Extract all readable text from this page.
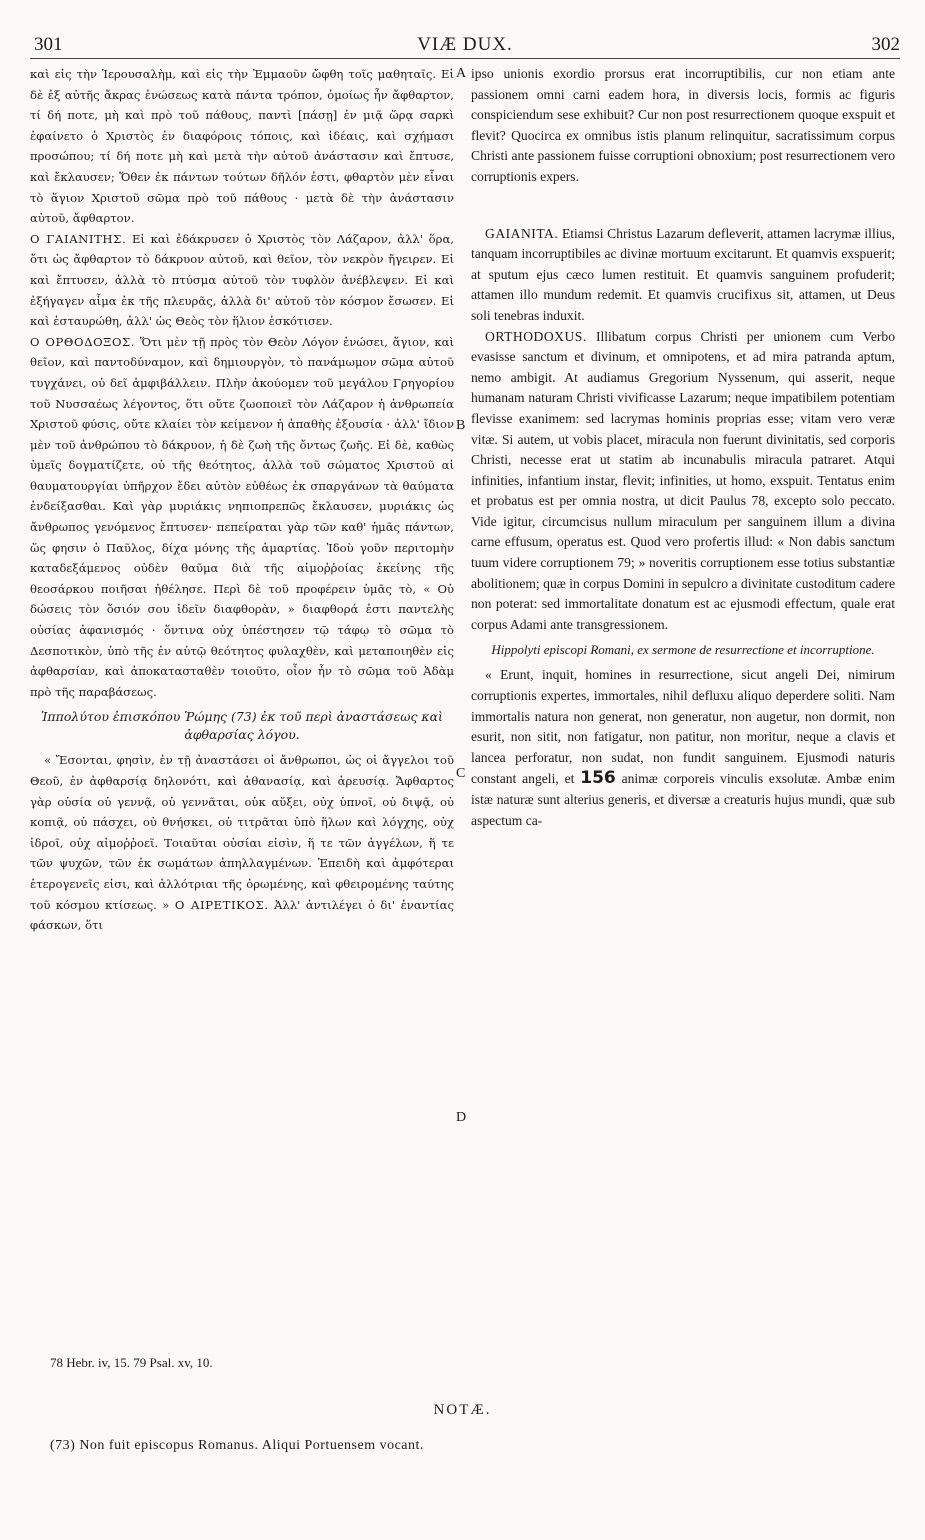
301	VIÆ DUX.	302

καὶ εἰς τὴν Ἱερουσαλὴμ, καὶ εἰς τὴν Ἐμμαοῦν ὤφθη τοῖς μαθηταῖς. Εἰ δὲ ἐξ αὐτῆς ἄκρας ἑνώσεως κατὰ πάντα τρόπον, ὁμοίως ἦν ἄφθαρτον, τί δή ποτε, μὴ καὶ πρὸ τοῦ πάθους, παντὶ [πάσῃ] ἐν μιᾷ ὥρᾳ σαρκὶ ἐφαίνετο ὁ Χριστὸς ἐν διαφόροις τόποις, καὶ ἰδέαις, καὶ σχήμασι προσώπου; τί δή ποτε μὴ καὶ μετὰ τὴν αὐτοῦ ἀνάστασιν καὶ ἔπτυσε, καὶ ἔκλαυσεν; Ὅθεν ἐκ πάντων τούτων δῆλόν ἐστι, φθαρτὸν μὲν εἶναι τὸ ἅγιον Χριστοῦ σῶμα πρὸ τοῦ πάθους · μετὰ δὲ τὴν ἀνάστασιν αὐτοῦ, ἄφθαρτον.

Ο ΓΑΙΑΝΙΤΗΣ. Εἰ καὶ ἐδάκρυσεν ὁ Χριστὸς τὸν Λάζαρον, ἀλλ' ὅρα, ὅτι ὡς ἄφθαρτον τὸ δάκρυον αὐτοῦ, καὶ θεῖον, τὸν νεκρὸν ἤγειρεν. Εἰ καὶ ἔπτυσεν, ἀλλὰ τὸ πτύσμα αὐτοῦ τὸν τυφλὸν ἀνέβλεψεν. Εἰ καὶ ἐξήγαγεν αἷμα ἐκ τῆς πλευρᾶς, ἀλλὰ δι' αὐτοῦ τὸν κόσμον ἔσωσεν. Εἰ καὶ ἐσταυρώθη, ἀλλ' ὡς Θεὸς τὸν ἥλιον ἐσκότισεν.

Ο ΟΡΘΟΔΟΞΟΣ. Ὅτι μὲν τῇ πρὸς τὸν Θεὸν Λόγον ἑνώσει, ἅγιον, καὶ θεῖον, καὶ παντοδύναμον, καὶ δημιουργὸν, τὸ πανάμωμον σῶμα αὐτοῦ τυγχάνει, οὐ δεῖ ἀμφιβάλλειν. Πλὴν ἀκούομεν τοῦ μεγάλου Γρηγορίου τοῦ Νυσσαέως λέγοντος, ὅτι οὔτε ζωοποιεῖ τὸν Λάζαρον ἡ ἀνθρωπεία Χριστοῦ φύσις, οὔτε κλαίει τὸν κείμενον ἡ ἀπαθὴς ἐξουσία · ἀλλ' ἴδιον μὲν τοῦ ἀνθρώπου τὸ δάκρυον, ἡ δὲ ζωὴ τῆς ὄντως ζωῆς. Εἰ δὲ, καθὼς ὑμεῖς δογματίζετε, οὐ τῆς θεότητος, ἀλλὰ τοῦ σώματος Χριστοῦ αἱ θαυματουργίαι ὑπῆρχον ἔδει αὐτὸν εὐθέως ἐκ σπαργάνων τὰ θαύματα ἐνδείξασθαι. Καὶ γὰρ μυριάκις νηπιοπρεπῶς ἔκλαυσεν, μυριάκις ὡς ἄνθρωπος γενόμενος ἔπτυσεν· πεπείραται γὰρ τῶν καθ' ἡμᾶς πάντων, ὥς φησιν ὁ Παῦλος, δίχα μόνης τῆς ἁμαρτίας. Ἰδοὺ γοῦν περιτομὴν καταδεξάμενος οὐδὲν θαῦμα διὰ τῆς αἱμοῤῥοίας ἐκείνης τῆς θεοσάρκου ποιῆσαι ἠθέλησε. Περὶ δὲ τοῦ προφέρειν ὑμᾶς τὸ, « Οὐ δώσεις τὸν ὅσιόν σου ἰδεῖν διαφθορὰν, » διαφθορά ἐστι παντελὴς οὐσίας ἀφανισμός · ὅντινα οὐχ ὑπέστησεν τῷ τάφῳ τὸ σῶμα τὸ Δεσποτικὸν, ὑπὸ τῆς ἐν αὐτῷ θεότητος φυλαχθὲν, καὶ μεταποιηθὲν εἰς ἀφθαρσίαν, καὶ ἀποκατασταθὲν τοιοῦτο, οἷον ἦν τὸ σῶμα τοῦ Ἀδὰμ πρὸ τῆς παραβάσεως.

Ἱππολύτου ἐπισκόπου Ῥώμης (73) ἐκ τοῦ περὶ ἀναστάσεως καὶ ἀφθαρσίας λόγου.

« Ἔσονται, φησὶν, ἐν τῇ ἀναστάσει οἱ ἄνθρωποι, ὡς οἱ ἄγγελοι τοῦ Θεοῦ, ἐν ἀφθαρσίᾳ δηλονότι, καὶ ἀθανασίᾳ, καὶ ἀρευσίᾳ. Ἄφθαρτος γὰρ οὐσία οὐ γεννᾷ, οὐ γεννᾶται, οὐκ αὔξει, οὐχ ὑπνοῖ, οὐ διψᾷ, οὐ κοπιᾷ, οὐ πάσχει, οὐ θνήσκει, οὐ τιτρᾶται ὑπὸ ἥλων καὶ λόγχης, οὐχ ἱδροῖ, οὐχ αἱμοῤῥοεῖ. Τοιαῦται οὐσίαι εἰσὶν, ἥ τε τῶν ἀγγέλων, ἥ τε τῶν ψυχῶν, τῶν ἐκ σωμάτων ἀπηλλαγμένων. Ἐπειδὴ καὶ ἀμφότεραι ἑτερογενεῖς εἰσι, καὶ ἀλλότριαι τῆς ὁρωμένης, καὶ φθειρομένης ταύτης τοῦ κόσμου κτίσεως. » Ο ΑΙΡΕΤΙΚΟΣ. Ἀλλ' ἀντιλέγει ὁ δι' ἐναντίας φάσκων, ὅτι

A
B
C
D

ipso unionis exordio prorsus erat incorruptibilis, cur non etiam ante passionem omni carni eadem hora, in diversis locis, formis ac figuris conspiciendum sese exhibuit? Cur non post resurrectionem quoque exspuit et flevit? Quocirca ex omnibus istis planum relinquitur, sacratissimum corpus Christi ante passionem fuisse corruptioni obnoxium; post resurrectionem vero corruptionis expers.

GAIANITA. Etiamsi Christus Lazarum defleverit, attamen lacrymæ illius, tanquam incorruptibiles ac divinæ mortuum excitarunt. Et quamvis exspuerit; at sputum ejus cæco lumen restituit. Et quamvis sanguinem profuderit; attamen illo mundum redemit. Et quamvis crucifixus sit, attamen, ut Deus soli tenebras induxit.

ORTHODOXUS. Illibatum corpus Christi per unionem cum Verbo evasisse sanctum et divinum, et omnipotens, et ad mira patranda aptum, nemo ambigit. At audiamus Gregorium Nyssenum, qui asserit, neque humanam naturam Christi vivificasse Lazarum; neque impatibilem potentiam flevisse exanimem: sed lacrymas hominis proprias esse; vitam vero veræ vitæ. Si autem, ut vobis placet, miracula non fuerunt divinitatis, sed corporis Christi, necesse erat ut statim ab incunabulis miracula patraret. Atqui infinities, infantium instar, flevit; infinities, ut homo, exspuit. Tentatus enim et probatus est per omnia nostra, ut dicit Paulus 78, excepto solo peccato. Vide igitur, circumcisus nullum miraculum per sanguinem illum a divina carne effusum, operatus est. Quod vero profertis illud: « Non dabis sanctum tuum videre corruptionem 79; » noveritis corruptionem esse totius substantiæ abolitionem; quæ in corpus Domini in sepulcro a divinitate custoditum cadere non poterat: sed immortalitate donatum est ac ejusmodi effectum, quale erat corpus Adami ante transgressionem.

Hippolyti episcopi Romani, ex sermone de resurrectione et incorruptione.

« Erunt, inquit, homines in resurrectione, sicut angeli Dei, nimirum corruptionis expertes, immortales, nihil defluxu aliquo deperdere soliti. Nam immortalis natura non generat, non generatur, non augetur, non dormit, non esurit, non sitit, non fatigatur, non patitur, non moritur, neque a clavis et lancea perforatur, non sudat, non fundit sanguinem. Ejusmodi naturis constant angeli, et 156 animæ corporeis vinculis exsolutæ. Ambæ enim istæ naturæ sunt alterius generis, et diversæ a creaturis hujus mundi, quæ sub aspectum ca-

78 Hebr. iv, 15. 79 Psal. xv, 10.
NOTÆ.
(73) Non fuit episcopus Romanus. Aliqui Portuensem vocant.
